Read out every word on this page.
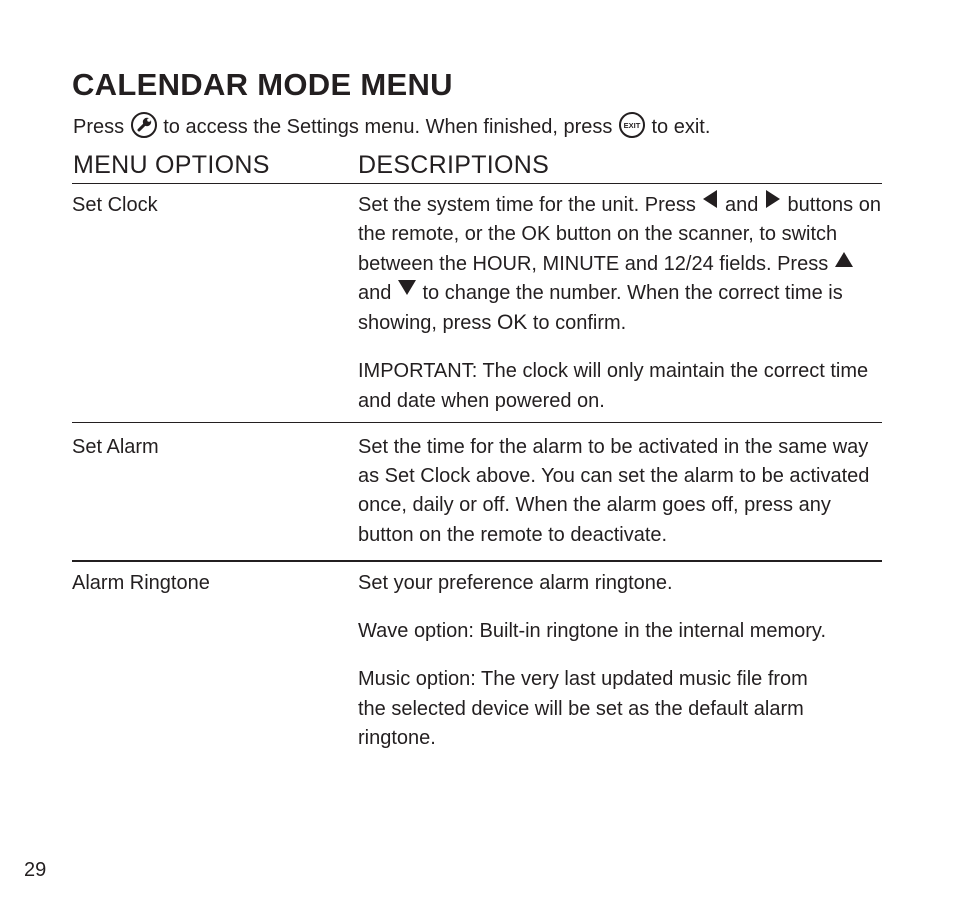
CALENDAR MODE MENU
Press to access the Settings menu. When finished, press EXIT to exit.
MENU OPTIONS	DESCRIPTIONS
Set Clock	Set the system time for the unit. Press and buttons on the remote, or the OK button on the scanner, to switch between the HOUR, MINUTE and 12/24 fields. Press  and to change the number. When the correct time is showing, press OK to confirm.

IMPORTANT: The clock will only maintain the correct time and date when powered on.

Set Alarm	Set the time for the alarm to be activated in the same way as Set Clock above. You can set the alarm to be activated once, daily or off. When the alarm goes off, press any button on the remote to deactivate.

Alarm Ringtone	Set your preference alarm ringtone.

Wave option: Built-in ringtone in the internal memory.

Music option: The very last updated music file from the selected device will be set as the default alarm ringtone.

29
